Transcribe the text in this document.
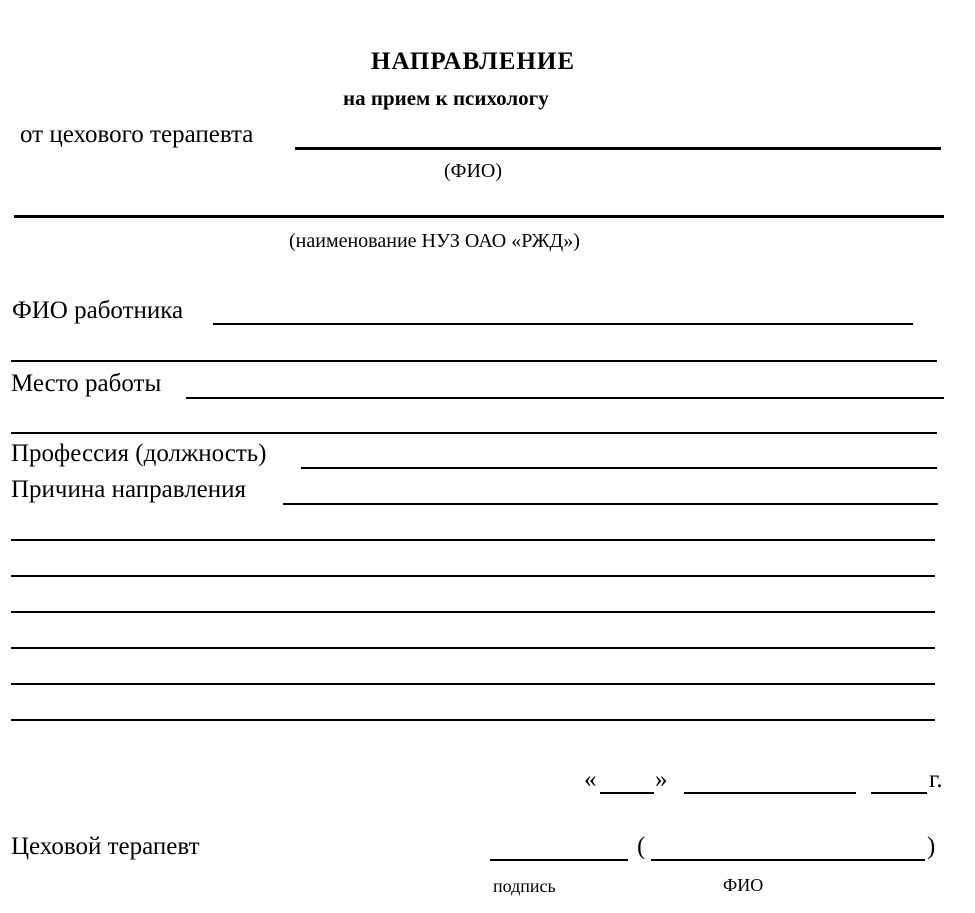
НАПРАВЛЕНИЕ
на прием к психологу
от цехового терапевта
(ФИО)
(наименование НУЗ ОАО «РЖД»)
ФИО работника
Место работы
Профессия (должность)
Причина направления
« »	г.
Цеховой терапевт	(	)
подпись	ФИО
